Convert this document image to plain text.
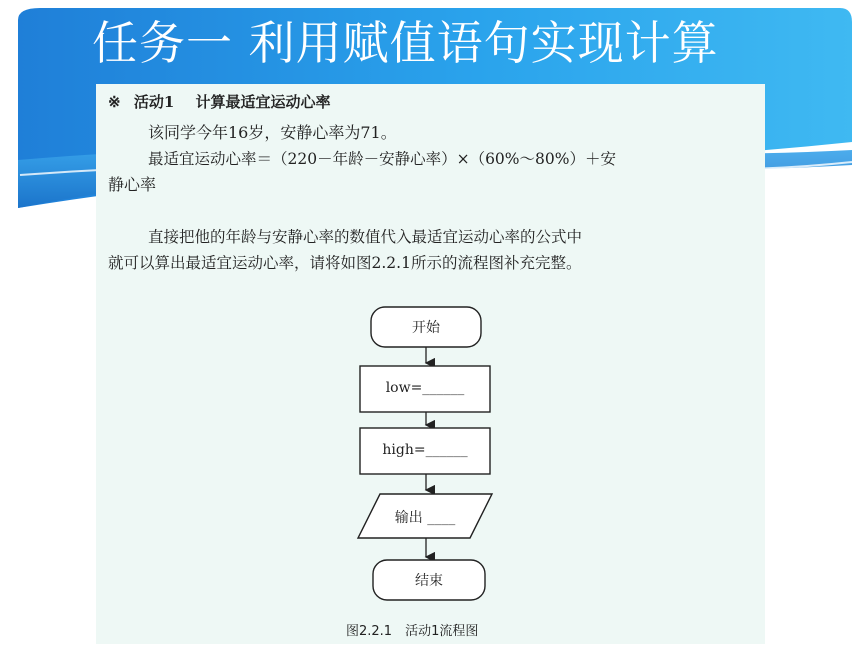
任务一 利用赋值语句实现计算
※ 活动1 计算最适宜运动心率
该同学今年16岁，安静心率为71。
最适宜运动心率＝（220－年龄－安静心率）×（60%～80%）＋安
静心率
直接把他的年龄与安静心率的数值代入最适宜运动心率的公式中
就可以算出最适宜运动心率，请将如图2.2.1所示的流程图补充完整。
开始
low=______
high=______
输出 ____
结束
图2.2.1　活动1流程图
